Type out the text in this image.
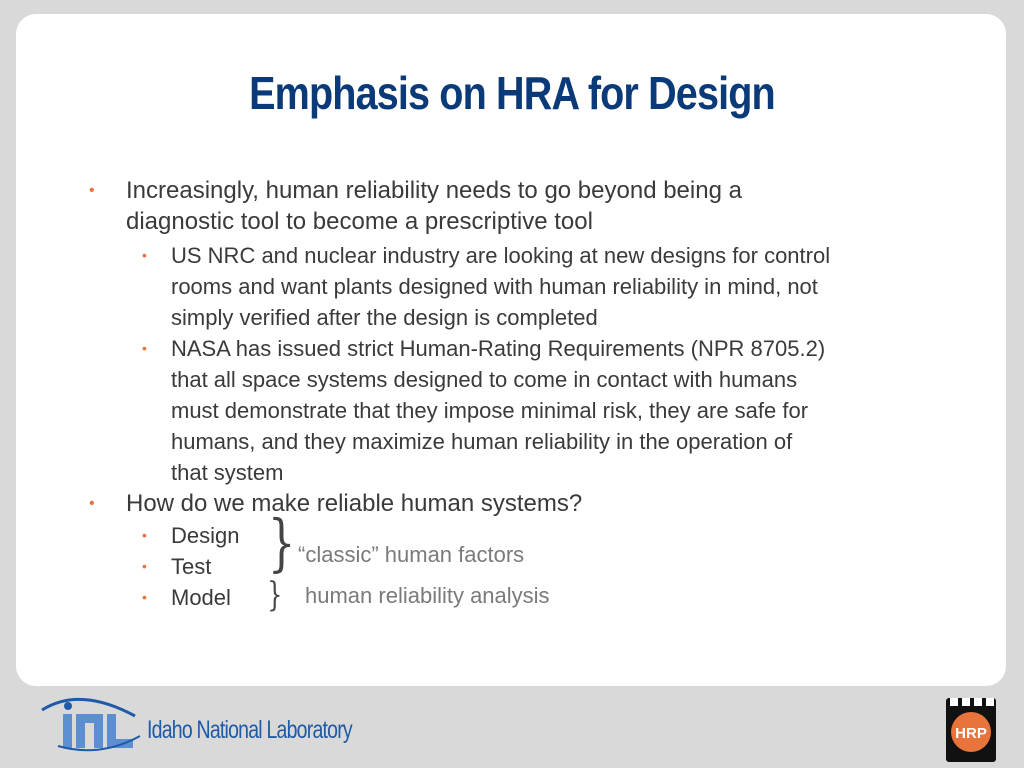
Emphasis on HRA for Design
• Increasingly, human reliability needs to go beyond being a
diagnostic tool to become a prescriptive tool
• US NRC and nuclear industry are looking at new designs for control
rooms and want plants designed with human reliability in mind, not
simply verified after the design is completed
• NASA has issued strict Human-Rating Requirements (NPR 8705.2)
that all space systems designed to come in contact with humans
must demonstrate that they impose minimal risk, they are safe for
humans, and they maximize human reliability in the operation of
that system
• How do we make reliable human systems?
• Design
• Test
• Model
}
}
“classic” human factors
human reliability analysis
HRP
Idaho National Laboratory
